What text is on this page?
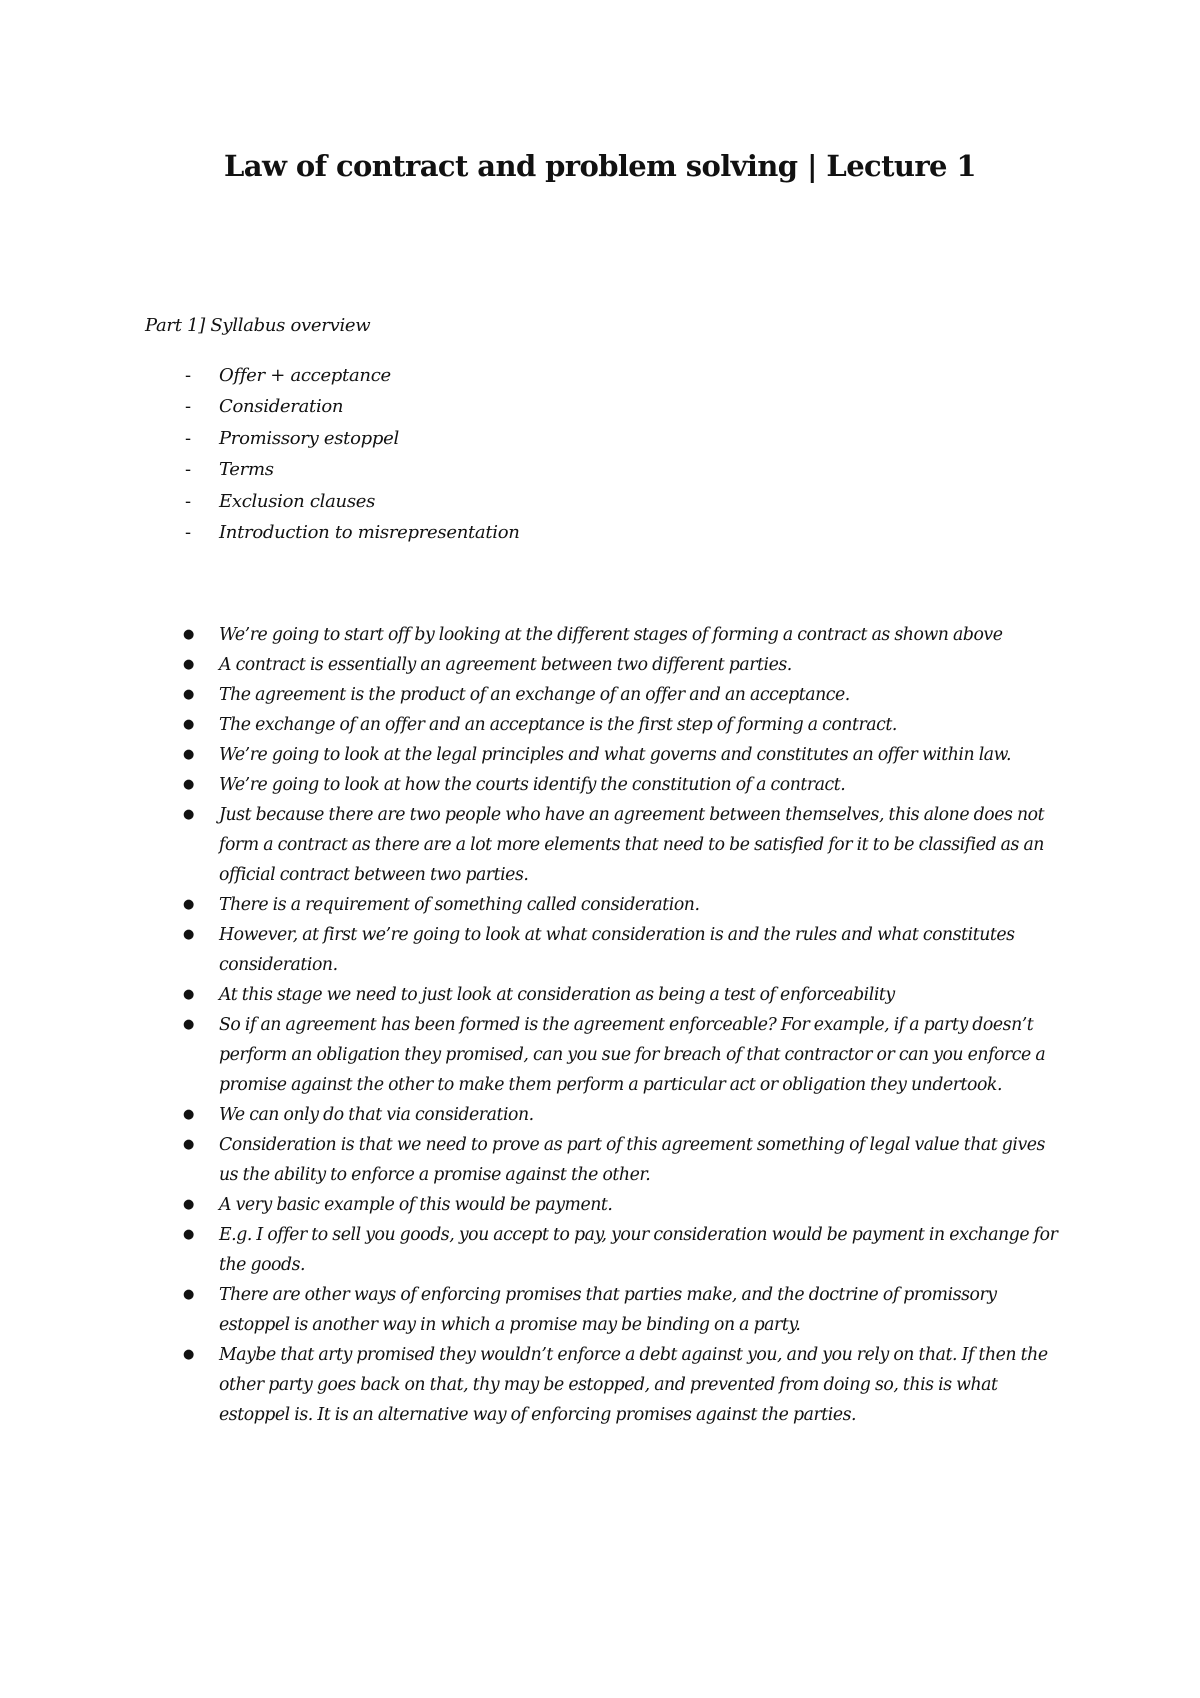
Law of contract and problem solving | Lecture 1

Part 1] Syllabus overview

-	Offer + acceptance
-	Consideration
-	Promissory estoppel
-	Terms
-	Exclusion clauses
-	Introduction to misrepresentation
● We’re going to start off by looking at the different stages of forming a contract as shown above
● A contract is essentially an agreement between two different parties.
● The agreement is the product of an exchange of an offer and an acceptance.
● The exchange of an offer and an acceptance is the first step of forming a contract.
● We’re going to look at the legal principles and what governs and constitutes an offer within law.
● We’re going to look at how the courts identify the constitution of a contract.
● Just because there are two people who have an agreement between themselves, this alone does not form a contract as there are a lot more elements that need to be satisfied for it to be classified as an official contract between two parties.
● There is a requirement of something called consideration.
● However, at first we’re going to look at what consideration is and the rules and what constitutes consideration.
● At this stage we need to just look at consideration as being a test of enforceability
● So if an agreement has been formed is the agreement enforceable? For example, if a party doesn’t perform an obligation they promised, can you sue for breach of that contractor or can you enforce a promise against the other to make them perform a particular act or obligation they undertook.
● We can only do that via consideration.
● Consideration is that we need to prove as part of this agreement something of legal value that gives us the ability to enforce a promise against the other.
● A very basic example of this would be payment.
● E.g. I offer to sell you goods, you accept to pay, your consideration would be payment in exchange for the goods.
● There are other ways of enforcing promises that parties make, and the doctrine of promissory estoppel is another way in which a promise may be binding on a party.
● Maybe that arty promised they wouldn’t enforce a debt against you, and you rely on that. If then the other party goes back on that, thy may be estopped, and prevented from doing so, this is what estoppel is. It is an alternative way of enforcing promises against the parties.
